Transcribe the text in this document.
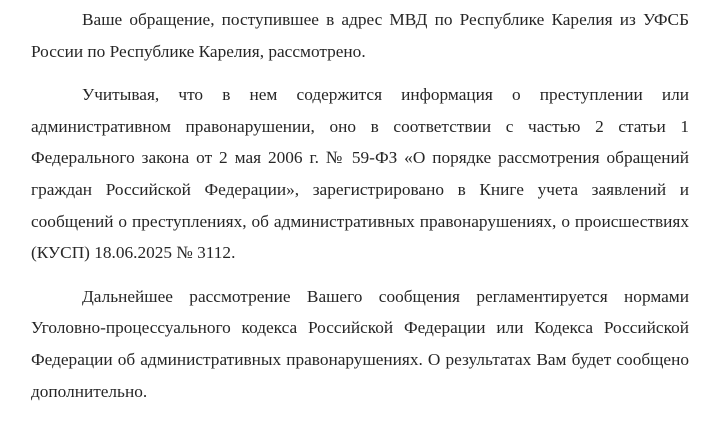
Ваше обращение, поступившее в адрес МВД по Республике Карелия из УФСБ России по Республике Карелия, рассмотрено.

Учитывая, что в нем содержится информация о преступлении или административном правонарушении, оно в соответствии с частью 2 статьи 1 Федерального закона от 2 мая 2006 г. № 59-ФЗ «О порядке рассмотрения обращений граждан Российской Федерации», зарегистрировано в Книге учета заявлений и сообщений о преступлениях, об административных правонарушениях, о происшествиях (КУСП) 18.06.2025 № 3112.

Дальнейшее рассмотрение Вашего сообщения регламентируется нормами Уголовно-процессуального кодекса Российской Федерации или Кодекса Российской Федерации об административных правонарушениях. О результатах Вам будет сообщено дополнительно.
